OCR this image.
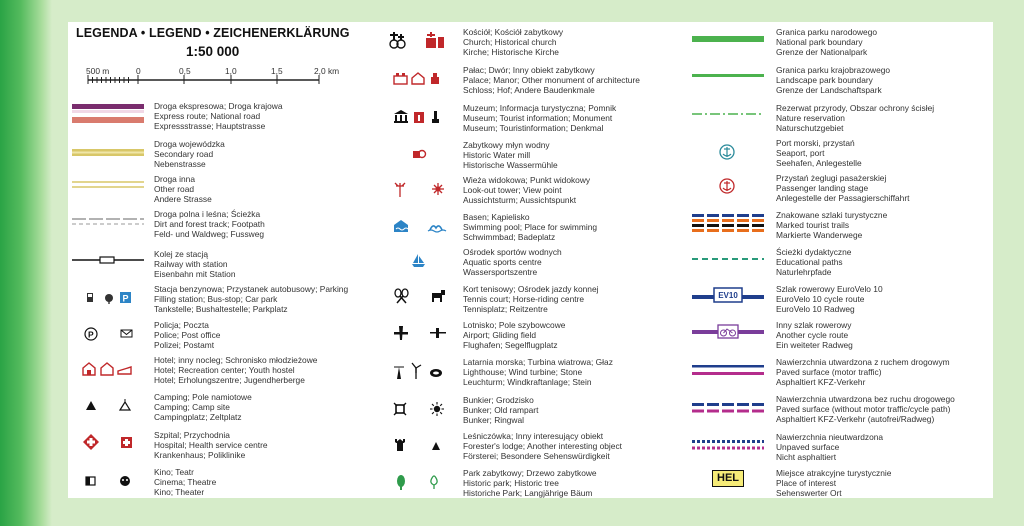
LEGENDA • LEGEND • ZEICHENERKLÄRUNG
1:50 000
500 m	0	0,5	1,0	1,5	2,0 km
Droga ekspresowa; Droga krajowa
Express route; National road
Expressstrasse; Hauptstrasse
Droga wojewódzka
Secondary road
Nebenstrasse
Droga inna
Other road
Andere Strasse
Droga polna i leśna; Ścieżka
Dirt and forest track; Footpath
Feld- und Waldweg; Fussweg
Kolej ze stacją
Railway with station
Eisenbahn mit Station
P
Stacja benzynowa; Przystanek autobusowy; Parking
Filling station; Bus-stop; Car park
Tankstelle; Bushaltestelle; Parkplatz
P
Policja; Poczta
Police; Post office
Polizei; Postamt
Hotel; inny nocleg; Schronisko młodzieżowe
Hotel; Recreation center; Youth hostel
Hotel; Erholungszentre; Jugendherberge
Camping; Pole namiotowe
Camping; Camp site
Campingplatz; Zeltplatz
Szpital; Przychodnia
Hospital; Health service centre
Krankenhaus; Poliklinike
Kino; Teatr
Cinema; Theatre
Kino; Theater
Kościół; Kościół zabytkowy
Church; Historical church
Kirche; Historische Kirche
Pałac; Dwór; Inny obiekt zabytkowy
Palace; Manor; Other monument of architecture
Schloss; Hof; Andere Baudenkmale
Muzeum; Informacja turystyczna; Pomnik
Museum; Tourist information; Monument
Museum; Touristinformation; Denkmal
Zabytkowy młyn wodny
Historic Water mill
Historische Wassermühle
Wieża widokowa; Punkt widokowy
Look-out tower; View point
Aussichtsturm; Aussichtspunkt
Basen; Kąpielisko
Swimming pool; Place for swimming
Schwimmbad; Badeplatz
Ośrodek sportów wodnych
Aquatic sports centre
Wassersportszentre
Kort tenisowy; Ośrodek jazdy konnej
Tennis court; Horse-riding centre
Tennisplatz; Reitzentre
Lotnisko; Pole szybowcowe
Airport; Gliding field
Flughafen; Segelflugplatz
Latarnia morska; Turbina wiatrowa; Głaz
Lighthouse; Wind turbine; Stone
Leuchturm; Windkraftanlage; Stein
Bunkier; Grodzisko
Bunker; Old rampart
Bunker; Ringwal
Leśniczówka; Inny interesujący obiekt
Forester's lodge; Another interesting object
Försterei; Besondere Sehenswürdigkeit
Park zabytkowy; Drzewo zabytkowe
Historic park; Historic tree
Historiche Park; Langjährige Bäum
Granica parku narodowego
National park boundary
Grenze der Nationalpark
Granica parku krajobrazowego
Landscape park boundary
Grenze der Landschaftspark
Rezerwat przyrody, Obszar ochrony ścisłej
Nature reservation
Naturschutzgebiet
Port morski, przystań
Seaport, port
Seehafen, Anlegestelle
Przystań żeglugi pasażerskiej
Passenger landing stage
Anlegestelle der Passagierschiffahrt
Znakowane szlaki turystyczne
Marked tourist trails
Markierte Wanderwege
Ścieżki dydaktyczne
Educational paths
Naturlehrpfade
EV10
Szlak rowerowy EuroVelo 10
EuroVelo 10 cycle route
EuroVelo 10 Radweg
Inny szlak rowerowy
Another cycle route
Ein weiteter Radweg
Nawierzchnia utwardzona z ruchem drogowym
Paved surface (motor traffic)
Asphaltiert KFZ-Verkehr
Nawierzchnia utwardzona bez ruchu drogowego
Paved surface (without motor traffic/cycle path)
Asphaltiert KFZ-Verkehr (autofrei/Radweg)
Nawierzchnia nieutwardzona
Unpaved surface
Nicht asphaltiert
HEL	Miejsce atrakcyjne turystycznie
Place of interest
Sehenswerter Ort
